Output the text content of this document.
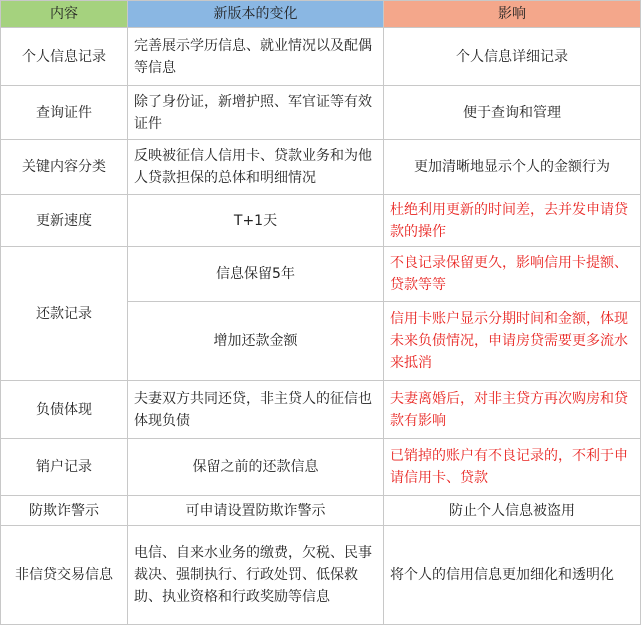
内容	新版本的变化	影响
个人信息记录	完善展示学历信息、就业情况以及配偶等信息	个人信息详细记录
查询证件	除了身份证，新增护照、军官证等有效证件	便于查询和管理
关键内容分类	反映被征信人信用卡、贷款业务和为他人贷款担保的总体和明细情况	更加清晰地显示个人的金额行为
更新速度	T+1天	杜绝利用更新的时间差，去并发申请贷款的操作
还款记录	信息保留5年	不良记录保留更久，影响信用卡提额、贷款等等
	增加还款金额	信用卡账户显示分期时间和金额，体现未来负债情况，申请房贷需要更多流水来抵消
负债体现	夫妻双方共同还贷，非主贷人的征信也体现负债	夫妻离婚后，对非主贷方再次购房和贷款有影响
销户记录	保留之前的还款信息	已销掉的账户有不良记录的，不利于申请信用卡、贷款
防欺诈警示	可申请设置防欺诈警示	防止个人信息被盗用
非信贷交易信息	电信、自来水业务的缴费，欠税、民事裁决、强制执行、行政处罚、低保救助、执业资格和行政奖励等信息	将个人的信用信息更加细化和透明化
